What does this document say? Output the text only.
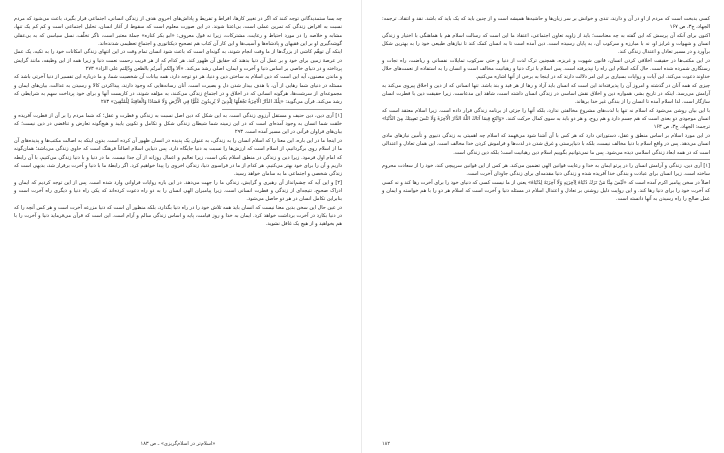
چه بسا ستمدیدگانی توجه کنند که اگر در تغییر کارها، افراط و تفریط و پاداش‌های اخروی هدف از زندگی انسانی، اجتماعی قرار بگیرد، باعث می‌شود که مردم نسبت به اقراض زندگی که تمرین عملی است، بی‌اعتنا شوند. در این صورت معلوم است که سقوط از آغاز انسان، تحلیل اجتماعی است و کم کم یک تنها، مشابه و خلاصه را در مورد احتیاط و رعایت، مشترکات، زیرا نه قول معروف: «ابو بکر کناره» جملهٔ معتبر است، ناگر تخلّف، نسل سیاسی که به بی‌عقلی گوشه‌گیری او بر این فقیهان و پادشاه‌ها و آسیب‌ها و این کار آن کتاب هم تصحیح دیکتاتوری و اجتماع تعظیمی شدنده‌اند.

اینکه آن توهّم کاشی از بزرگ‌ها از ما وقت انجام شوند، به گونه‌ای است که باعث شود انسان تمام وقت در این انتهای زندگی امکانات خود را به تکیه، یک عمل در عرصهٔ زمین برای خود و بر عمل آن دنیا بدهند که حقایق آن ظهور کند. هر کدام که از هر فریب رحمت نعمت دنیا و زیرا همه از این وظیفه، مانند گرایش پرداخته و در دنیای خاصی بر اساس دنیا و آخرت و ایمان، اصلی رشد می‌کند. «ألا وإنّكم أُمرتُم بالظعن ودُلِلتم على الزاد» ۲۷۳

و ماندن مصنون، آیه این است که دین اسلام به ساختن دین و دنیا، هر دو توجه دارد، همه بیانات آن شخصیت شما، و ما درباره این تفسیر از دنیا آخرتی باشد که مسئله در دنیای شما رهایی از آن، با هدف بیدار شدن دل و بصیرت است. آنان رسانه‌هایی که وجود دارند، پیداکردن کالا و رسیدن به عدالت، بیان‌های ایمان و مجموعه‌ای از سرشت‌ها، هرگونه انسانی که در اخلاق و در اجتماع زندگی می‌کنند، به مؤلفه شوند، در کاربست آنها و برای خود پرداخت سهم به شرایطی که رشد می‌کند. قرآن می‌گوید: «تِلْكَ الدَّارُ الْآخِرَةُ نَجْعَلُهَا لِلَّذِينَ لَا يُرِيدُونَ عُلُوًّا فِي الْأَرْضِ وَلَا فَسَادًا وَالْعَاقِبَةُ لِلْمُتَّقِينَ» ۲۸۳

[۱] آری دین، دین حنیف و مستقل آرزوی زندگی است. به این شکل که دین اصل نسبت به زندگی و فطرت و عقل؛ که شما مردم را بر آن از فطرت آفریده و خلقت شما انسان به وجود آمده‌ای است که در این زمینه شما شیطان زندگی شکل و تکامل و تکوین یابید و هیچ‌گونه تعارض و تناقضی در دین نیست؛ که بیان‌های فراوان قرآنی در این مسیر آمده است. ۲۹۳

در اینجا ما در این باره، این معنا را که اسلام انسان را به زندگی، به عنوان یک پدیده در انسان ظهور آن کرده است. بدون اینکه به اصالت مکتب‌ها و پدیده‌های آن ما از اسلام روی برگردانیم، از اسلام است که ارزش‌ها را نسبت به دنیا جایگاه دارد. پس دنیایی اسلام اصالتاً فرهنگ است که حاوی زندگی می‌باشد؛ همان‌گونه که امام اول فرمود. زیرا دین و زندگی در منطق اسلام یکی است، زیرا تعالیم و اعمال روزانه از آن جدا نیست. ما در دنیا و با دنیا زندگی می‌کنیم، با آن رابطه داریم و آن را برای خود بهتر می‌کنیم. هر کدام از ما در فراسوی دنیا، زندگی اخروی را پیدا خواهیم کرد. اگر رابطهٔ ما با دنیا و آخرت برقرار شد، بدیهی است که زندگی شخصی و اجتماعی ما به سامان خواهد رسید.

[۲] و این آیه که چشم‌انداز آن رهبری و گرایش، زندگی ما را جهت می‌دهد. در این باره روایات فراوانی وارد شده است. پس از این توجه کردیم که ایمان و ادراک صحیح، نتیجه‌ای از زندگی و فطرت انسانی است. زیرا پیامبران الهی انسان را به دو راه دعوت کرده‌اند که یکی راه دنیا و دیگری راه آخرت است و بنابراین تکامل انسان در هر دو حاصل می‌شود.

در عین حال این سخن بدین معنا نیست که انسان باید همه تلاش خود را در راه دنیا بگذارد، بلکه منظور آن است که دنیا مزرعه آخرت است و هر کس آنچه را که در دنیا بکارد در آخرت برداشت خواهد کرد. ایمان به خدا و روز قیامت، پایه و اساس زندگی سالم و آرام است. این است که قرآن می‌فرماید دنیا و آخرت را با هم بخواهید و از هیچ یک غافل نشوید.

«اسلام‌تر در اسلام‌گریزی» ـ ص ۱۸۳

کسی بدبخت است که مردم از او در آن و دارند، تندی و خوانش بر سر زبان‌ها و حاشیه‌ها همیشه است و از چنین باید که یک باید که باشد. نقد و انتقاد. ترجمه: الجهاد، ج۳، ص ۱۶۷

اکنون برای آنکه آن پرسش که این گفته به چه معناست؛ باید از زاویه تعاون اجتماعی، اعتقاد ما این است که رسالت اسلام هم با هماهنگی با اختیار و زندگی انسان و شهوات و غرایز او، نه با مبارزه و سرکوب آن، به پایان رسیده است. دین آمده است تا به انسان کمک کند تا نیازهای طبیعی خود را به بهترین شکل برآورد و در مسیر تعادل و اعتدال زندگی کند.

در این مکتب‌ها در حقیقت اخلاقی کردن انسان، قانون شهوت و غریزه، همچنین ترک لذت از دنیا و حتی سرکوب تمایلات نفسانی و ریاضت، راه نجات و رستگاری شمرده شده است. حال آنکه اسلام این راه را نپذیرفته است. پس اسلام با ترک دنیا و رهبانیت مخالف است و انسان را به استفاده از نعمت‌های حلال خداوند دعوت می‌کند. این آیات و روایات بسیاری بر این امر دلالت دارند که در اینجا به برخی از آنها اشاره می‌کنیم.

چیزی که همه آنان در گذشته و امروز آن را پذیرفته‌اند این است که انسان باید آزاد و رها از هر قید و بند باشد. تنها انسانی که از دین و اخلاق پیروی می‌کند به آرامش می‌رسد. اینکه در تاریخ بشر، همواره دین و اخلاق نقش اساسی در زندگی انسان داشته است، شاهد این مدعاست. زیرا حقیقت دین با فطرت انسان سازگار است. لذا اسلام آمده تا انسان را از بندگی غیر خدا برهاند.

با این بیان روشن می‌شود که اسلام نه تنها با لذت‌های مشروع مخالفتی ندارد، بلکه آنها را جزئی از برنامه زندگی قرار داده است. زیرا اسلام معتقد است که انسان موجودی دو بعدی است که هم جسم دارد و هم روح، و هر دو باید به سوی کمال حرکت کنند. «وَابْتَغِ فِيمَا آتَاكَ اللَّهُ الدَّارَ الْآخِرَةَ وَلَا تَنْسَ نَصِيبَكَ مِنَ الدُّنْيَا» ترجمه: الجهاد، ج۳، ص ۱۶۳

در این مورد اسلام بر اساس منطق و عقل، دستوراتی دارد که هر کس با آن آشنا شود می‌فهمد که اسلام چه اهمیتی به زندگی دنیوی و تأمین نیازهای مادی انسان می‌دهد. پس در واقع اسلام با دنیا مخالف نیست، بلکه با دنیاپرستی و غرق شدن در لذت‌ها و فراموش کردن خدا مخالف است. این همان تعادل و اعتدالی است که در همه ابعاد زندگی اسلامی دیده می‌شود. پس ما نمی‌توانیم بگوییم اسلام دین رهبانیت است؛ بلکه دین زندگی است.

[۱] آری دین، زندگی و آرامش انسان را در پرتو ایمان به خدا و رعایت قوانین الهی تضمین می‌کند. هر کس از این قوانین سرپیچی کند، خود را از سعادت محروم ساخته است. زیرا انسان برای عبادت و بندگی خدا آفریده شده و زندگی دنیا مقدمه‌ای برای زندگی جاودان آخرت است.

اصلاً در سخن پیامبر اکرم آمده است که «لَيْسَ مِنَّا مَنْ تَرَكَ دُنْيَاهُ لِآخِرَتِهِ وَلَا آخِرَتَهُ لِدُنْيَاهُ» یعنی از ما نیست کسی که دنیای خود را برای آخرت رها کند و نه کسی که آخرت خود را برای دنیا رها کند. و این روایت دلیل روشنی بر تعادل و اعتدال اسلام در مسئله دنیا و آخرت است که اسلام هر دو را با هم خواسته و ایمان و عمل صالح را راه رسیدن به آنها دانسته است.

۱۸۲
